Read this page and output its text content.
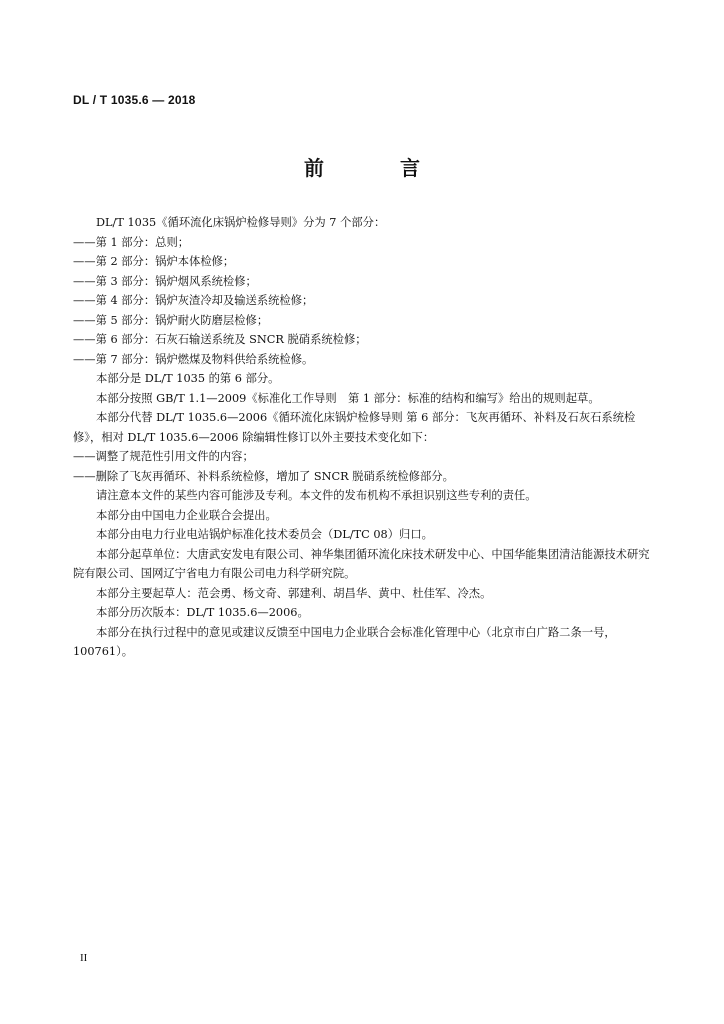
DL / T 1035.6 — 2018
前　言

DL/T 1035《循环流化床锅炉检修导则》分为 7 个部分：

——第 1 部分：总则；

——第 2 部分：锅炉本体检修；

——第 3 部分：锅炉烟风系统检修；

——第 4 部分：锅炉灰渣冷却及输送系统检修；

——第 5 部分：锅炉耐火防磨层检修；

——第 6 部分：石灰石输送系统及 SNCR 脱硝系统检修；

——第 7 部分：锅炉燃煤及物料供给系统检修。

本部分是 DL/T 1035 的第 6 部分。

本部分按照 GB/T 1.1—2009《标准化工作导则　第 1 部分：标准的结构和编写》给出的规则起草。

本部分代替 DL/T 1035.6—2006《循环流化床锅炉检修导则 第 6 部分：飞灰再循环、补料及石灰石系统检修》，相对 DL/T 1035.6—2006 除编辑性修订以外主要技术变化如下：

——调整了规范性引用文件的内容；

——删除了飞灰再循环、补料系统检修，增加了 SNCR 脱硝系统检修部分。

请注意本文件的某些内容可能涉及专利。本文件的发布机构不承担识别这些专利的责任。

本部分由中国电力企业联合会提出。

本部分由电力行业电站锅炉标准化技术委员会（DL/TC 08）归口。

本部分起草单位：大唐武安发电有限公司、神华集团循环流化床技术研发中心、中国华能集团清洁能源技术研究院有限公司、国网辽宁省电力有限公司电力科学研究院。

本部分主要起草人：范会勇、杨文奇、郭建利、胡昌华、黄中、杜佳军、冷杰。

本部分历次版本：DL/T 1035.6—2006。

本部分在执行过程中的意见或建议反馈至中国电力企业联合会标准化管理中心（北京市白广路二条一号，100761）。

II
